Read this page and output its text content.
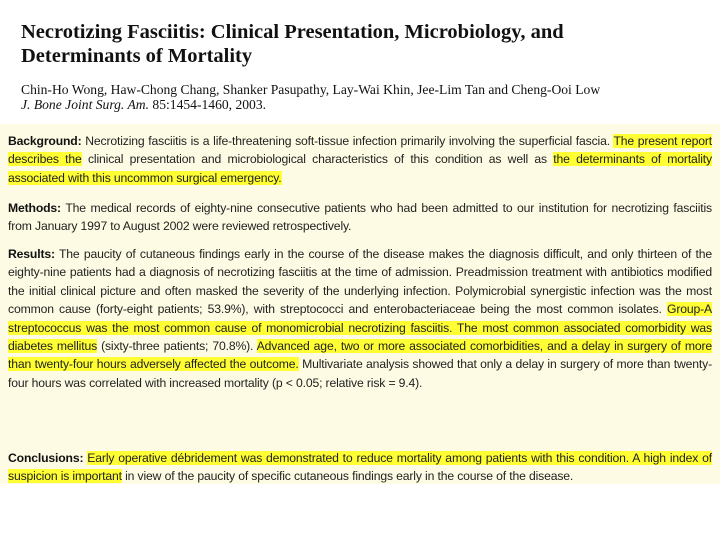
Necrotizing Fasciitis: Clinical Presentation, Microbiology, and Determinants of Mortality
Chin-Ho Wong, Haw-Chong Chang, Shanker Pasupathy, Lay-Wai Khin, Jee-Lim Tan and Cheng-Ooi Low
J. Bone Joint Surg. Am. 85:1454-1460, 2003.
Background: Necrotizing fasciitis is a life-threatening soft-tissue infection primarily involving the superficial fascia. The present report describes the clinical presentation and microbiological characteristics of this condition as well as the determinants of mortality associated with this uncommon surgical emergency.
Methods: The medical records of eighty-nine consecutive patients who had been admitted to our institution for necrotizing fasciitis from January 1997 to August 2002 were reviewed retrospectively.
Results: The paucity of cutaneous findings early in the course of the disease makes the diagnosis difficult, and only thirteen of the eighty-nine patients had a diagnosis of necrotizing fasciitis at the time of admission. Preadmission treatment with antibiotics modified the initial clinical picture and often masked the severity of the underlying infection. Polymicrobial synergistic infection was the most common cause (forty-eight patients; 53.9%), with streptococci and enterobacteriaceae being the most common isolates. Group-A streptococcus was the most common cause of monomicrobial necrotizing fasciitis. The most common associated comorbidity was diabetes mellitus (sixty-three patients; 70.8%). Advanced age, two or more associated comorbidities, and a delay in surgery of more than twenty-four hours adversely affected the outcome. Multivariate analysis showed that only a delay in surgery of more than twenty-four hours was correlated with increased mortality (p < 0.05; relative risk = 9.4).
Conclusions: Early operative débridement was demonstrated to reduce mortality among patients with this condition. A high index of suspicion is important in view of the paucity of specific cutaneous findings early in the course of the disease.
